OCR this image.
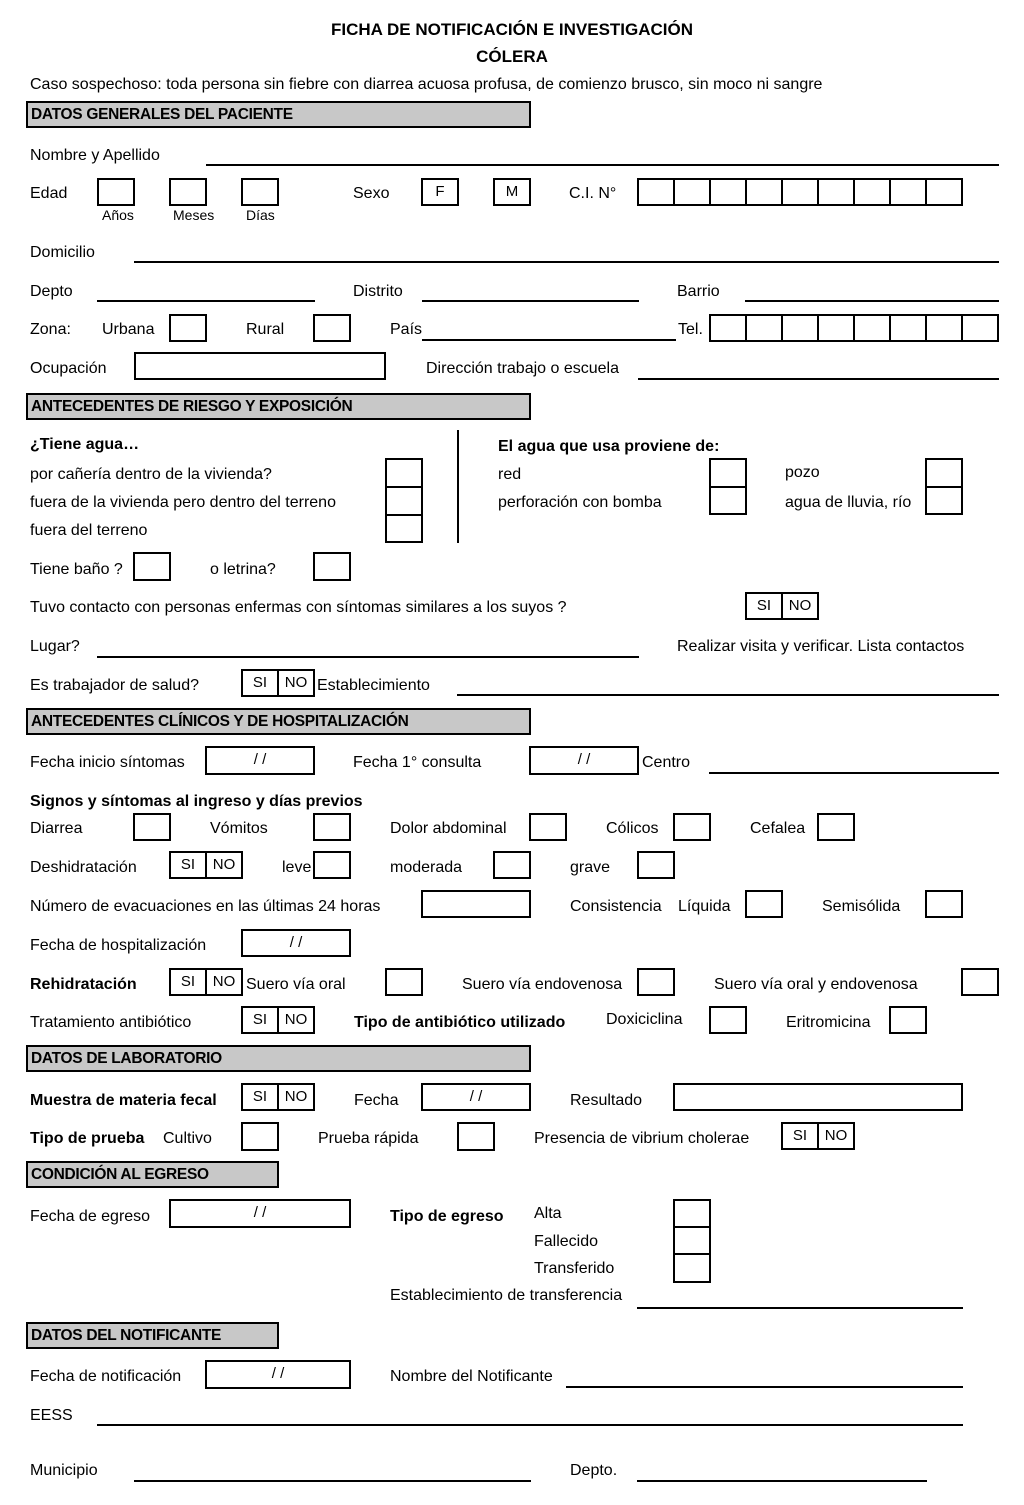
FICHA DE NOTIFICACIÓN E INVESTIGACIÓN
CÓLERA
Caso sospechoso: toda persona sin fiebre con diarrea acuosa profusa, de comienzo brusco, sin moco ni sangre
DATOS GENERALES DEL PACIENTE
Nombre y Apellido
Edad
Años	Meses Días
Sexo	F	M	C.I. N°
Domicilio
Depto	Distrito	Barrio
Zona: Urbana	Rural	País	Tel.
Ocupación	Dirección trabajo o escuela
ANTECEDENTES DE RIESGO Y EXPOSICIÓN
¿Tiene agua…
por cañería dentro de la vivienda?
fuera de la vivienda pero dentro del terreno
fuera del terreno
El agua que usa proviene de:
red
perforación con bomba
pozo
agua de lluvia, río
Tiene baño ?	o letrina?
Tuvo contacto con personas enfermas con síntomas similares a los suyos ?	SI	NO
Lugar?	Realizar visita y verificar. Lista contactos
Es trabajador de salud?	SI	NO Establecimiento
ANTECEDENTES CLÍNICOS Y DE HOSPITALIZACIÓN
Fecha inicio síntomas	/ /	Fecha 1° consulta	/ /	Centro
Signos y síntomas al ingreso y días previos
Diarrea	Vómitos	Dolor abdominal	Cólicos	Cefalea
Deshidratación	SI	NO	leve	moderada	grave
Número de evacuaciones en las últimas 24 horas	Consistencia Líquida	Semisólida
Fecha de hospitalización	/ /
Rehidratación	SI	NO Suero vía oral	Suero vía endovenosa	Suero vía oral y endovenosa
Tratamiento antibiótico	SI	NO	Tipo de antibiótico utilizado	Doxiciclina	Eritromicina
DATOS DE LABORATORIO
Muestra de materia fecal	SI	NO	Fecha	/ /	Resultado
Tipo de prueba Cultivo	Prueba rápida	Presencia de vibrium cholerae	SI	NO
CONDICIÓN AL EGRESO
Fecha de egreso	/ /	Tipo de egreso Alta
Fallecido
Transferido
Establecimiento de transferencia
DATOS DEL NOTIFICANTE
Fecha de notificación	/ /	Nombre del Notificante
EESS
Municipio	Depto.
